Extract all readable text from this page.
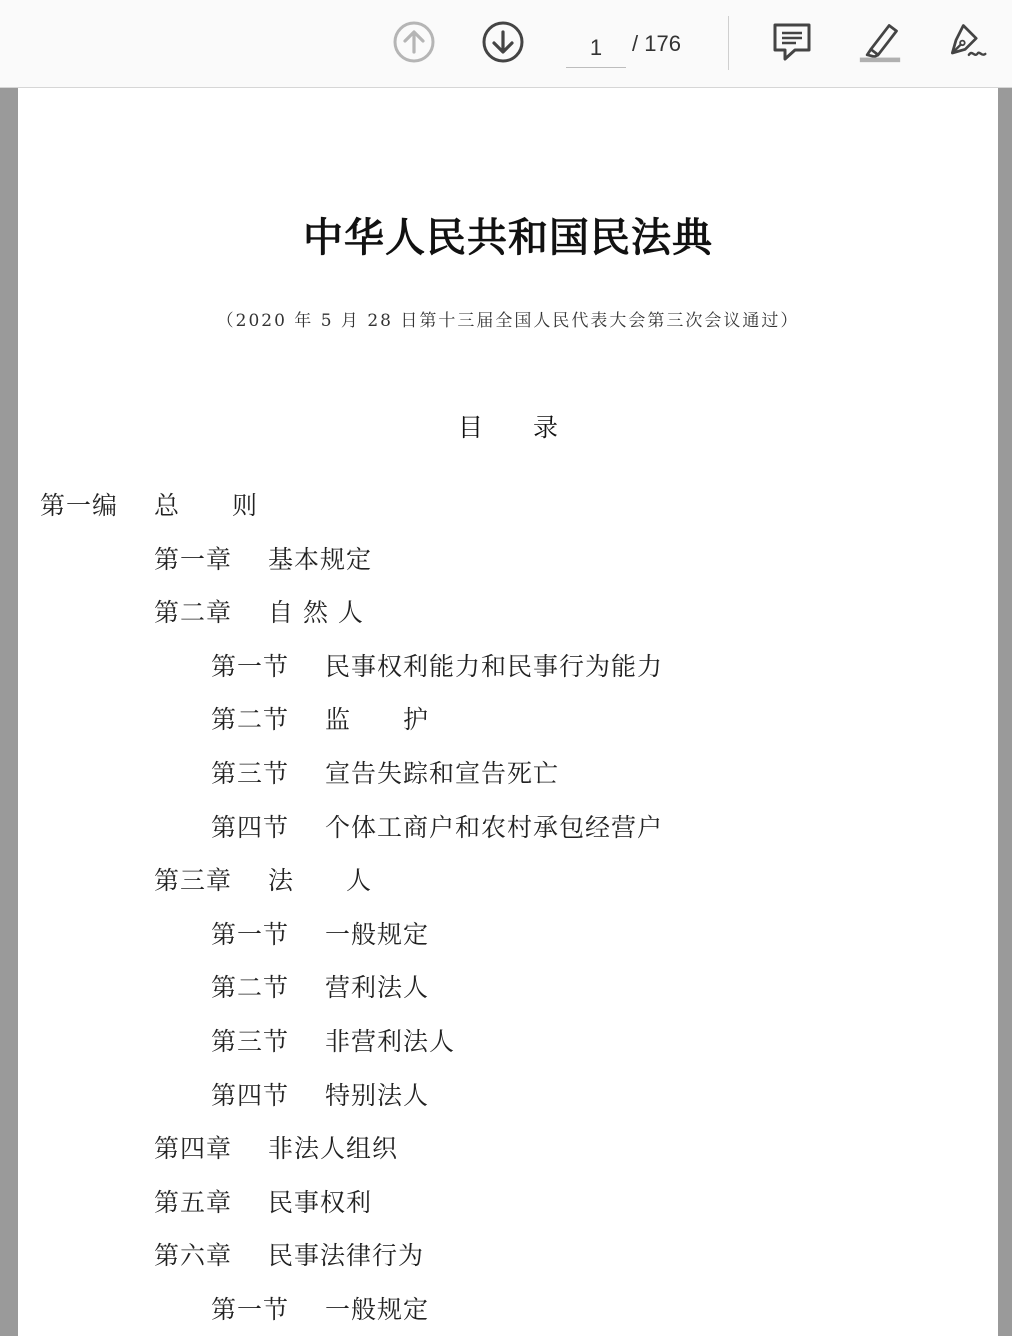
1
/ 176
中华人民共和国民法典
（2020 年 5 月 28 日第十三届全国人民代表大会第三次会议通过）
目　　录
第一编 总　　则
第一章 基本规定
第二章 自 然 人
第一节 民事权利能力和民事行为能力
第二节 监　　护
第三节 宣告失踪和宣告死亡
第四节 个体工商户和农村承包经营户
第三章 法　　人
第一节 一般规定
第二节 营利法人
第三节 非营利法人
第四节 特别法人
第四章 非法人组织
第五章 民事权利
第六章 民事法律行为
第一节 一般规定
